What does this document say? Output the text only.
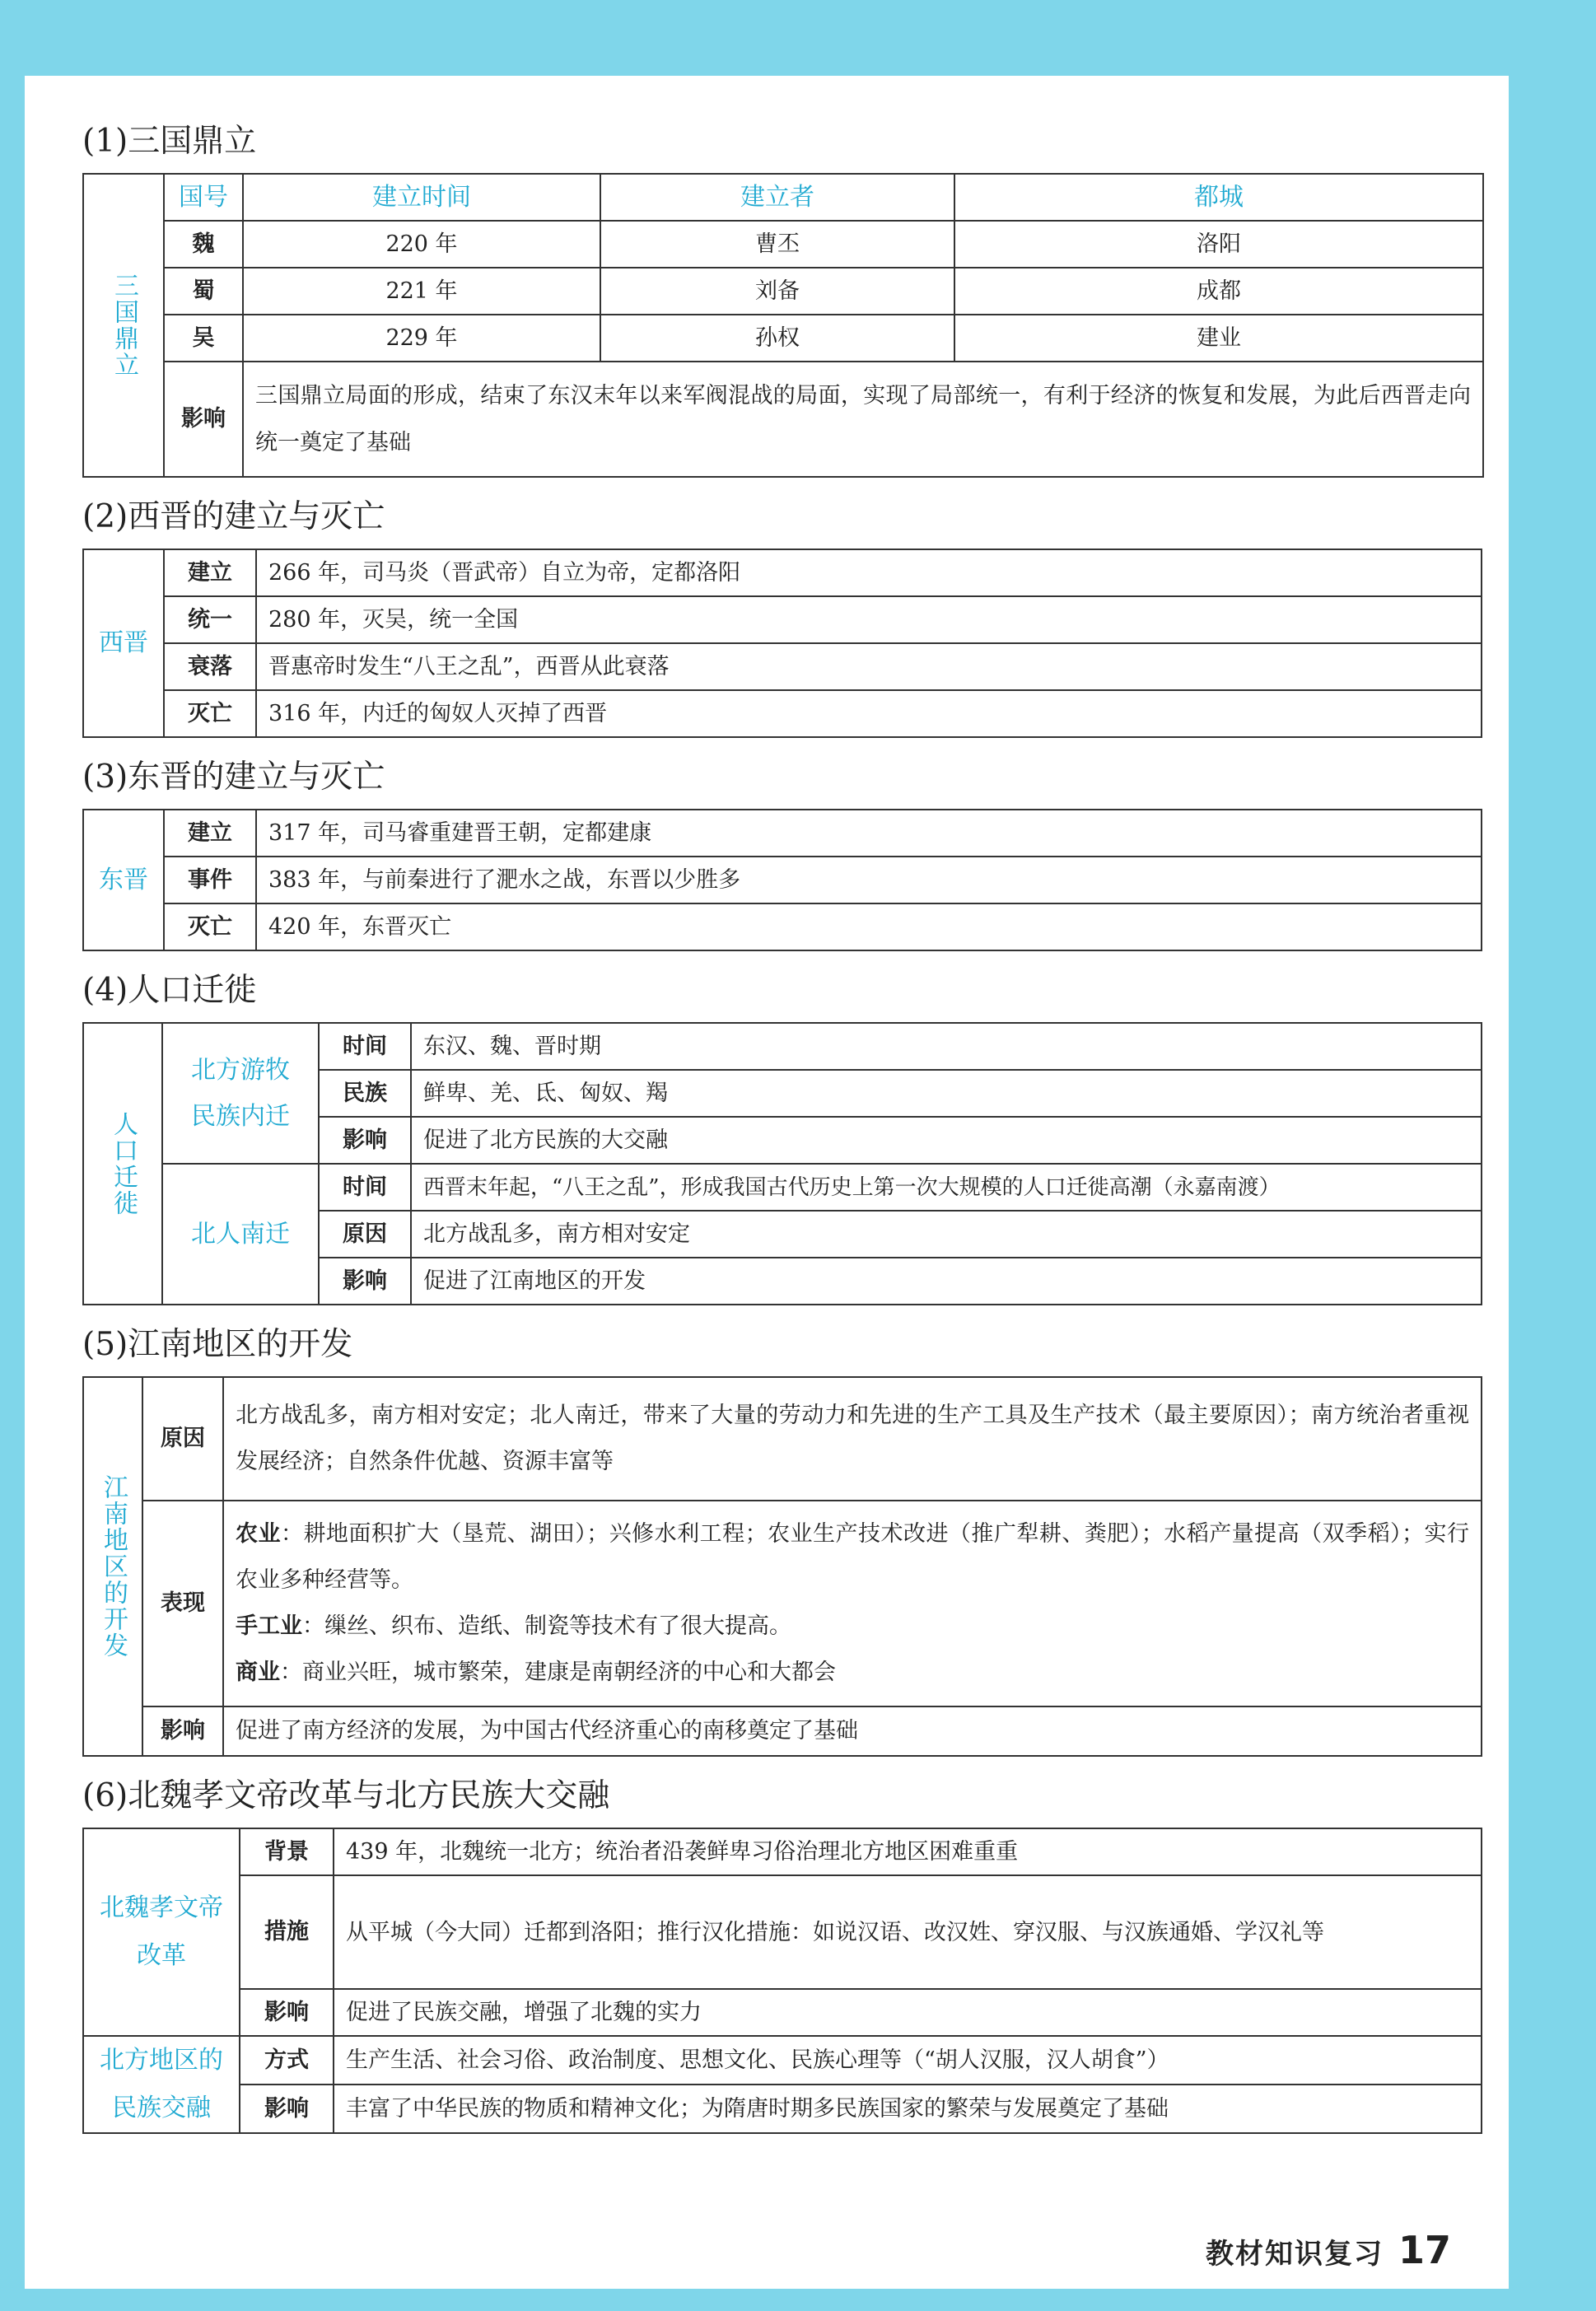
(1)三国鼎立
三国鼎立	国号	建立时间	建立者	都城
	魏	220 年	曹丕	洛阳
	蜀	221 年	刘备	成都
	吴	229 年	孙权	建业
	影响	三国鼎立局面的形成，结束了东汉末年以来军阀混战的局面，实现了局部统一，有利于经济的恢复和发展，为此后西晋走向统一奠定了基础		
(2)西晋的建立与灭亡
西晋	建立	266 年，司马炎（晋武帝）自立为帝，定都洛阳
	统一	280 年，灭吴，统一全国
	衰落	晋惠帝时发生“八王之乱”，西晋从此衰落
	灭亡	316 年，内迁的匈奴人灭掉了西晋
(3)东晋的建立与灭亡
东晋	建立	317 年，司马睿重建晋王朝，定都建康
	事件	383 年，与前秦进行了淝水之战，东晋以少胜多
	灭亡	420 年，东晋灭亡
(4)人口迁徙
人口迁徙	北方游牧民族内迁	时间	东汉、魏、晋时期
		民族	鲜卑、羌、氐、匈奴、羯
		影响	促进了北方民族的大交融
	北人南迁	时间	西晋末年起，“八王之乱”，形成我国古代历史上第一次大规模的人口迁徙高潮（永嘉南渡）
		原因	北方战乱多，南方相对安定
		影响	促进了江南地区的开发
(5)江南地区的开发
江南地区的开发	原因	北方战乱多，南方相对安定；北人南迁，带来了大量的劳动力和先进的生产工具及生产技术（最主要原因）；南方统治者重视发展经济；自然条件优越、资源丰富等
	表现	农业：耕地面积扩大（垦荒、湖田）；兴修水利工程；农业生产技术改进（推广犁耕、粪肥）；水稻产量提高（双季稻）；实行农业多种经营等。
手工业：缫丝、织布、造纸、制瓷等技术有了很大提高。
商业：商业兴旺，城市繁荣，建康是南朝经济的中心和大都会
	影响	促进了南方经济的发展，为中国古代经济重心的南移奠定了基础
(6)北魏孝文帝改革与北方民族大交融
北魏孝文帝改革	背景	439 年，北魏统一北方；统治者沿袭鲜卑习俗治理北方地区困难重重
	措施	从平城（今大同）迁都到洛阳；推行汉化措施：如说汉语、改汉姓、穿汉服、与汉族通婚、学汉礼等
	影响	促进了民族交融，增强了北魏的实力
北方地区的民族交融	方式	生产生活、社会习俗、政治制度、思想文化、民族心理等（“胡人汉服，汉人胡食”）
	影响	丰富了中华民族的物质和精神文化；为隋唐时期多民族国家的繁荣与发展奠定了基础
教材知识复习 17
